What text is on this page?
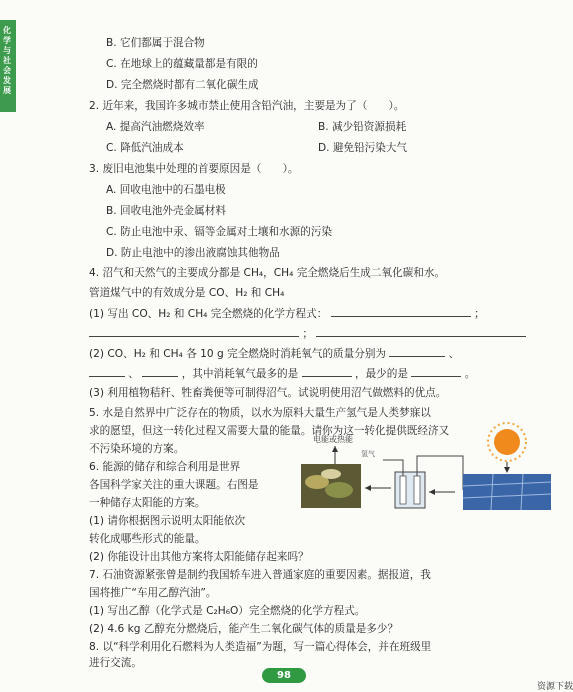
化学与社会发展
B. 它们都属于混合物
C. 在地球上的蕴藏量都是有限的
D. 完全燃烧时都有二氧化碳生成
2. 近年来，我国许多城市禁止使用含铅汽油，主要是为了（　　）。
A. 提高汽油燃烧效率	B. 减少铅资源损耗
C. 降低汽油成本	D. 避免铅污染大气
3. 废旧电池集中处理的首要原因是（　　）。
A. 回收电池中的石墨电极
B. 回收电池外壳金属材料
C. 防止电池中汞、镉等金属对土壤和水源的污染
D. 防止电池中的渗出液腐蚀其他物品
4. 沼气和天然气的主要成分都是 CH₄，CH₄ 完全燃烧后生成二氧化碳和水。
管道煤气中的有效成分是 CO、H₂ 和 CH₄
(1) 写出 CO、H₂ 和 CH₄ 完全燃烧的化学方程式：	；
；
(2) CO、H₂ 和 CH₄ 各 10 g 完全燃烧时消耗氧气的质量分别为	、
、	，其中消耗氧气最多的是	，最少的是	。
(3) 利用植物秸秆、牲畜粪便等可制得沼气。试说明使用沼气做燃料的优点。
5. 水是自然界中广泛存在的物质，以水为原料大量生产氢气是人类梦寐以
求的愿望，但这一转化过程又需要大量的能量。请你为这一转化提供既经济又
不污染环境的方案。
6. 能源的储存和综合利用是世界
各国科学家关注的重大课题。右图是
一种储存太阳能的方案。
(1) 请你根据图示说明太阳能依次
转化成哪些形式的能量。
(2) 你能设计出其他方案将太阳能储存起来吗？
电能或热能
氢气
7. 石油资源紧张曾是制约我国轿车进入普通家庭的重要因素。据报道，我
国将推广“车用乙醇汽油”。
(1) 写出乙醇（化学式是 C₂H₆O）完全燃烧的化学方程式。
(2) 4.6 kg 乙醇充分燃烧后，能产生二氧化碳气体的质量是多少？
8. 以“科学利用化石燃料为人类造福”为题，写一篇心得体会，并在班级里
进行交流。
98
资源下载
